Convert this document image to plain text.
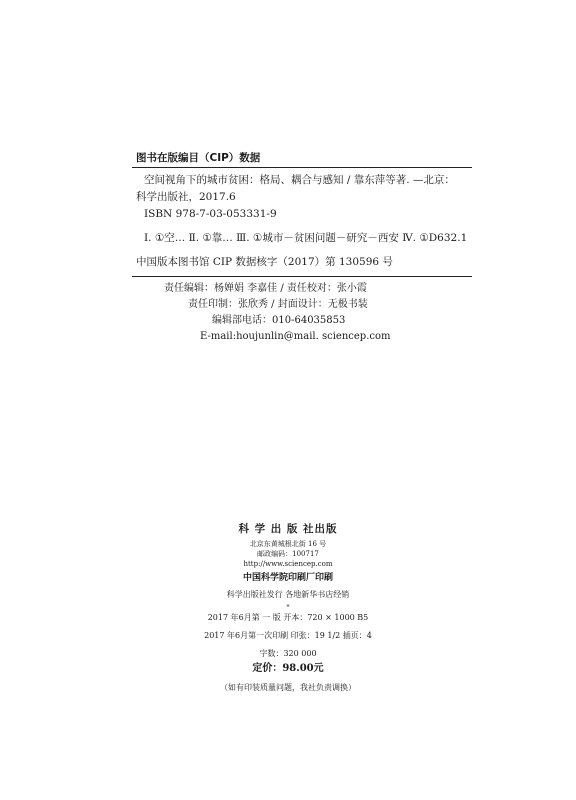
图书在版编目（CIP）数据
空间视角下的城市贫困：格局、耦合与感知 / 靠东萍等著. —北京：
科学出版社，2017.6
ISBN 978-7-03-053331-9
Ⅰ. ①空… Ⅱ. ①靠… Ⅲ. ①城市－贫困问题－研究－西安 Ⅳ. ①D632.1
中国版本图书馆 CIP 数据核字（2017）第 130596 号
责任编辑：杨婵娟 李嘉佳 / 责任校对：张小霞
责任印制：张欣秀 / 封面设计：无极书装
编辑部电话：010-64035853
E-mail:houjunlin@mail. sciencep.com
科 学 出 版 社出版
北京东黄城根北街 16 号
邮政编码：100717
http://www.sciencep.com
中国科学院印刷厂印刷
科学出版社发行 各地新华书店经销
*
2017 年6月第 一 版 开本：720 × 1000 B5
2017 年6月第一次印刷 印张：19 1/2 插页：4
字数：320 000
定价：98.00元
（如有印装质量问题，我社负责调换）
